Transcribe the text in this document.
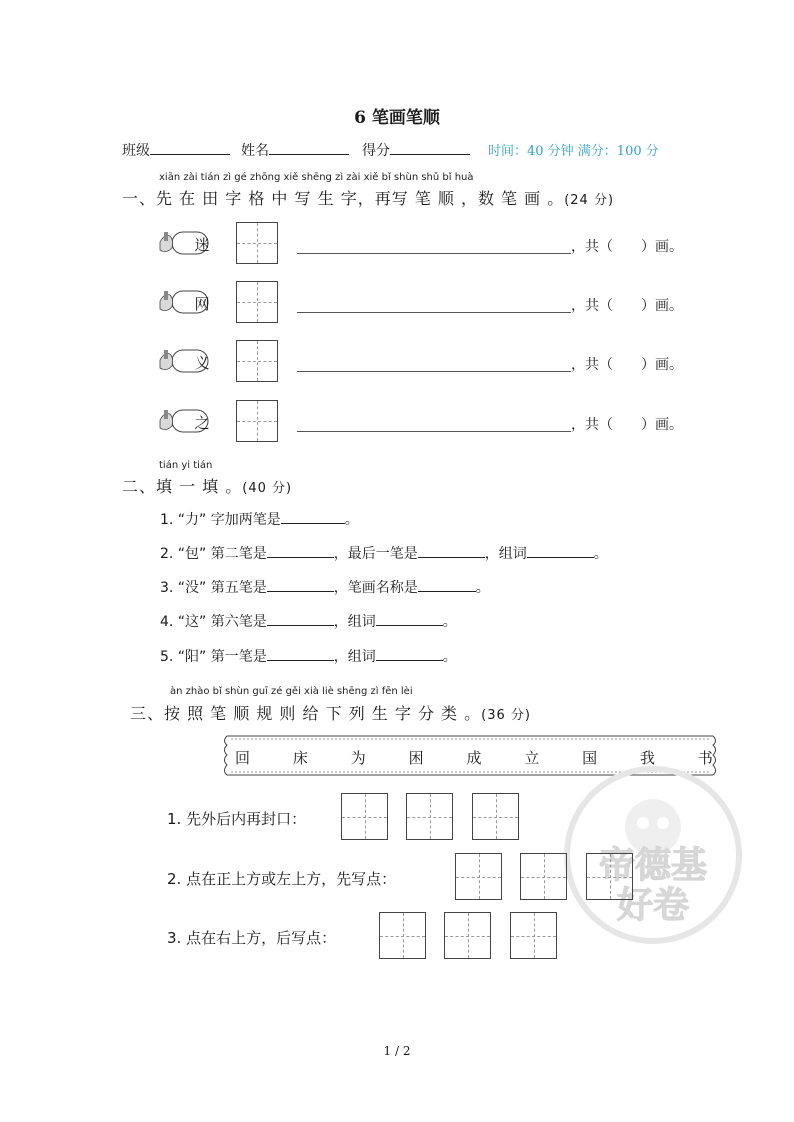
6 笔画笔顺
班级	姓名	得分	时间：40 分钟 满分：100 分
xiān zài tián zì gé zhōng xiě shēng zì zài xiě bǐ shùn shǔ bǐ huà
一、先 在 田 字 格 中 写 生 字，再写 笔 顺 ，数 笔 画 。(24 分)
迷	，共（　　）画。
网	，共（　　）画。
义	，共（　　）画。
之	，共（　　）画。
tián yi tián
二、填 一 填 。(40 分)
1. “力” 字加两笔是	。
2. “包” 第二笔是	，最后一笔是	，组词	。
3. “没” 第五笔是	，笔画名称是	。
4. “这” 第六笔是	，组词	。
5. “阳” 第一笔是	，组词	。
àn zhào bǐ shùn guī zé gěi xià liè shēng zì fēn lèi
三、按 照 笔 顺 规 则 给 下 列 生 字 分 类 。(36 分)
回	床	为	困	成	立	国	我	书
帝德基
好卷
1. 先外后内再封口：
2. 点在正上方或左上方，先写点：
3. 点在右上方，后写点：
1 / 2
